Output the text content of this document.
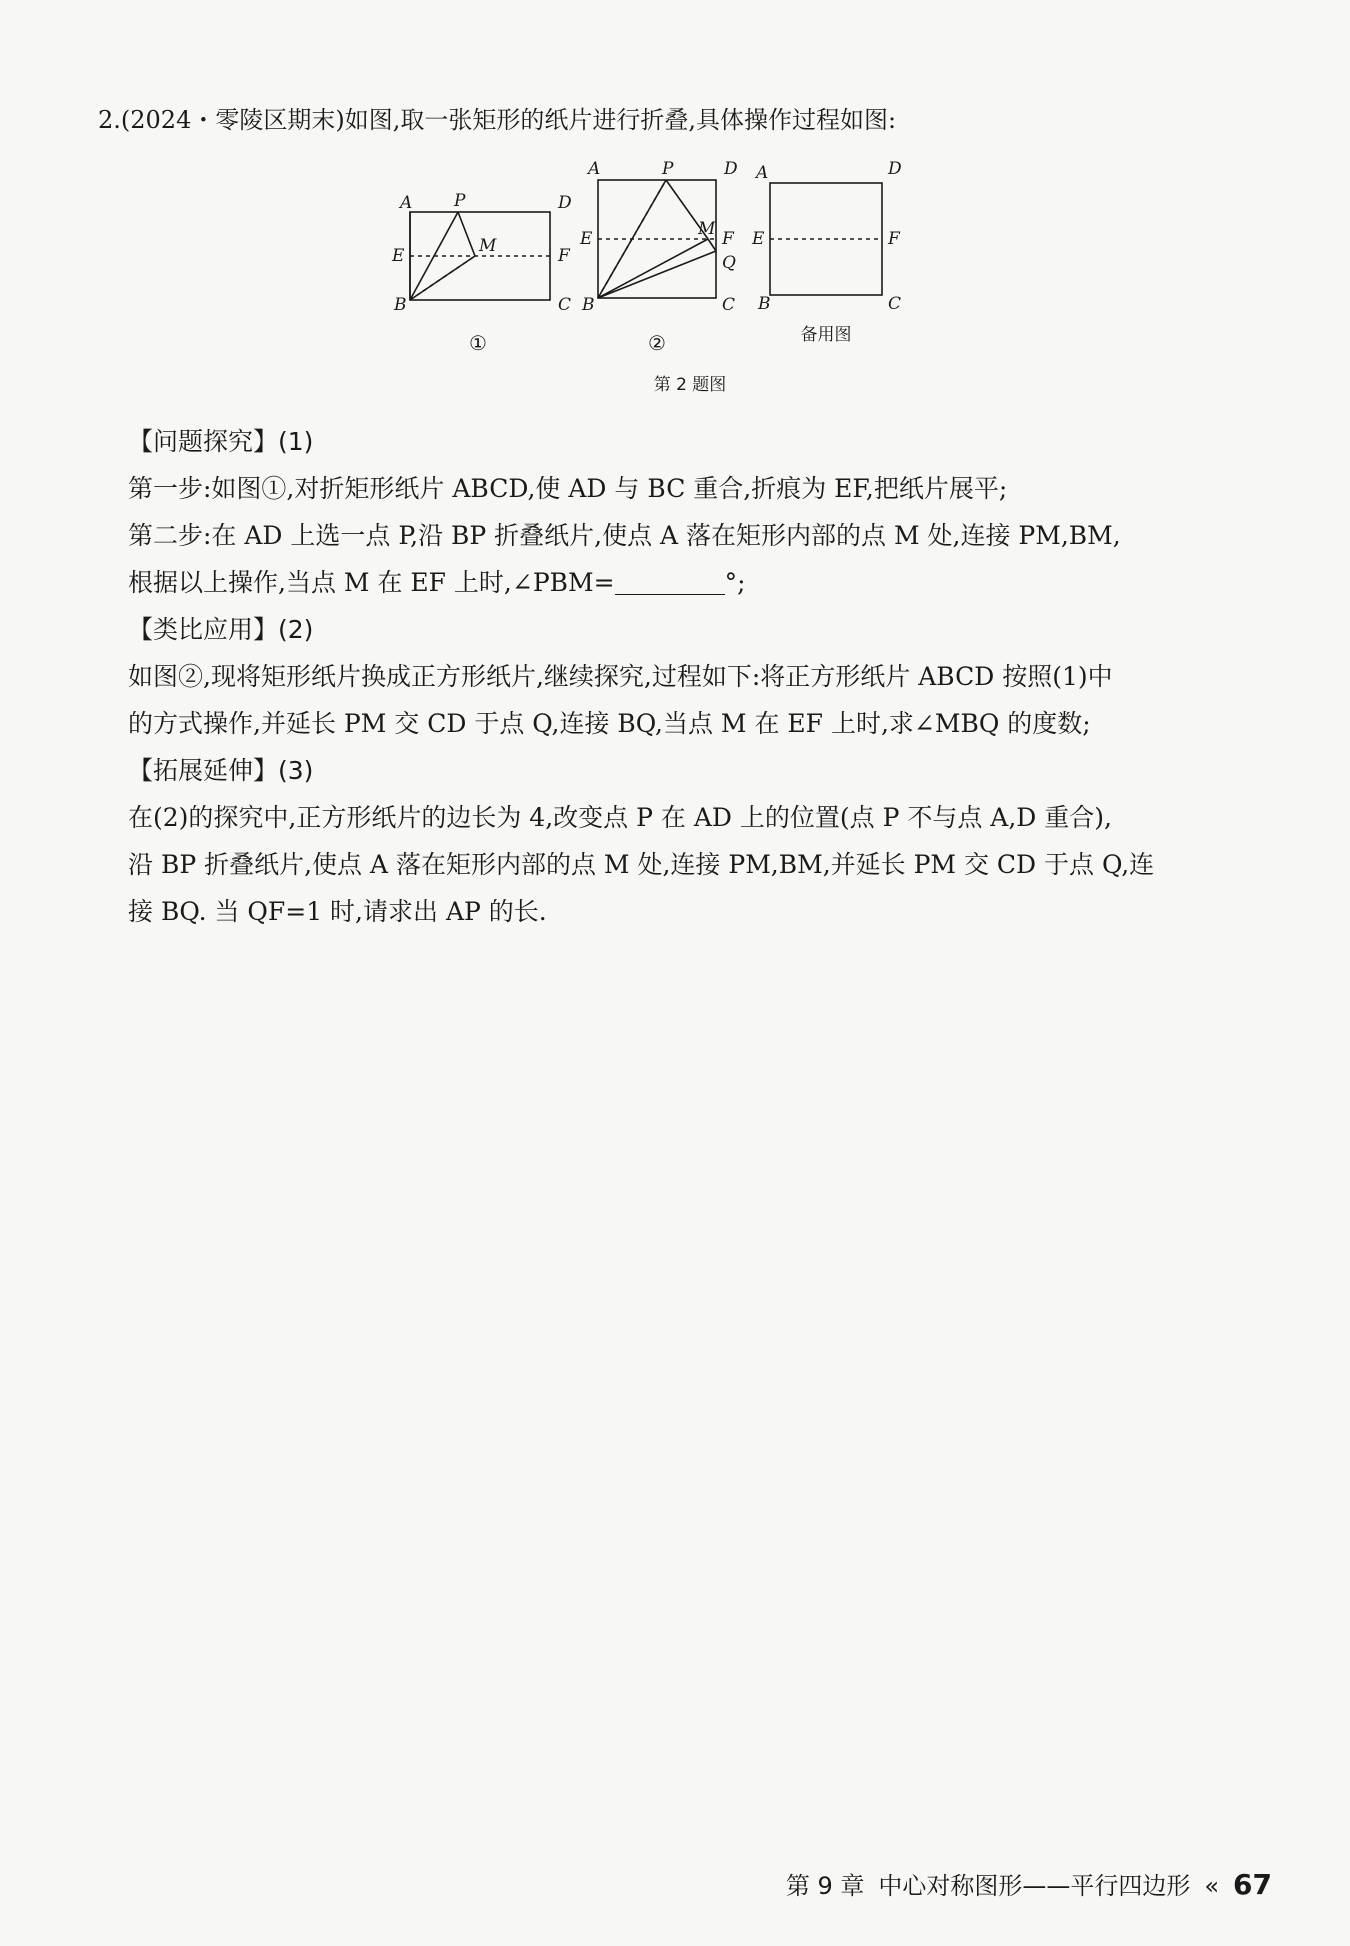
2.(2024・零陵区期末)如图,取一张矩形的纸片进行折叠,具体操作过程如图:
A P	D
E	M	F
B	C
A	P	D
E	M F
Q
B	C
A	D
E	F
B	C
①	②	备用图
第 2 题图

【问题探究】(1)

第一步:如图①,对折矩形纸片 ABCD,使 AD 与 BC 重合,折痕为 EF,把纸片展平;

第二步:在 AD 上选一点 P,沿 BP 折叠纸片,使点 A 落在矩形内部的点 M 处,连接 PM,BM,

根据以上操作,当点 M 在 EF 上时,∠PBM=	°;

【类比应用】(2)

如图②,现将矩形纸片换成正方形纸片,继续探究,过程如下:将正方形纸片 ABCD 按照(1)中

的方式操作,并延长 PM 交 CD 于点 Q,连接 BQ,当点 M 在 EF 上时,求∠MBQ 的度数;

【拓展延伸】(3)

在(2)的探究中,正方形纸片的边长为 4,改变点 P 在 AD 上的位置(点 P 不与点 A,D 重合),

沿 BP 折叠纸片,使点 A 落在矩形内部的点 M 处,连接 PM,BM,并延长 PM 交 CD 于点 Q,连

接 BQ. 当 QF=1 时,请求出 AP 的长.

第 9 章 中心对称图形——平行四边形 « 67
